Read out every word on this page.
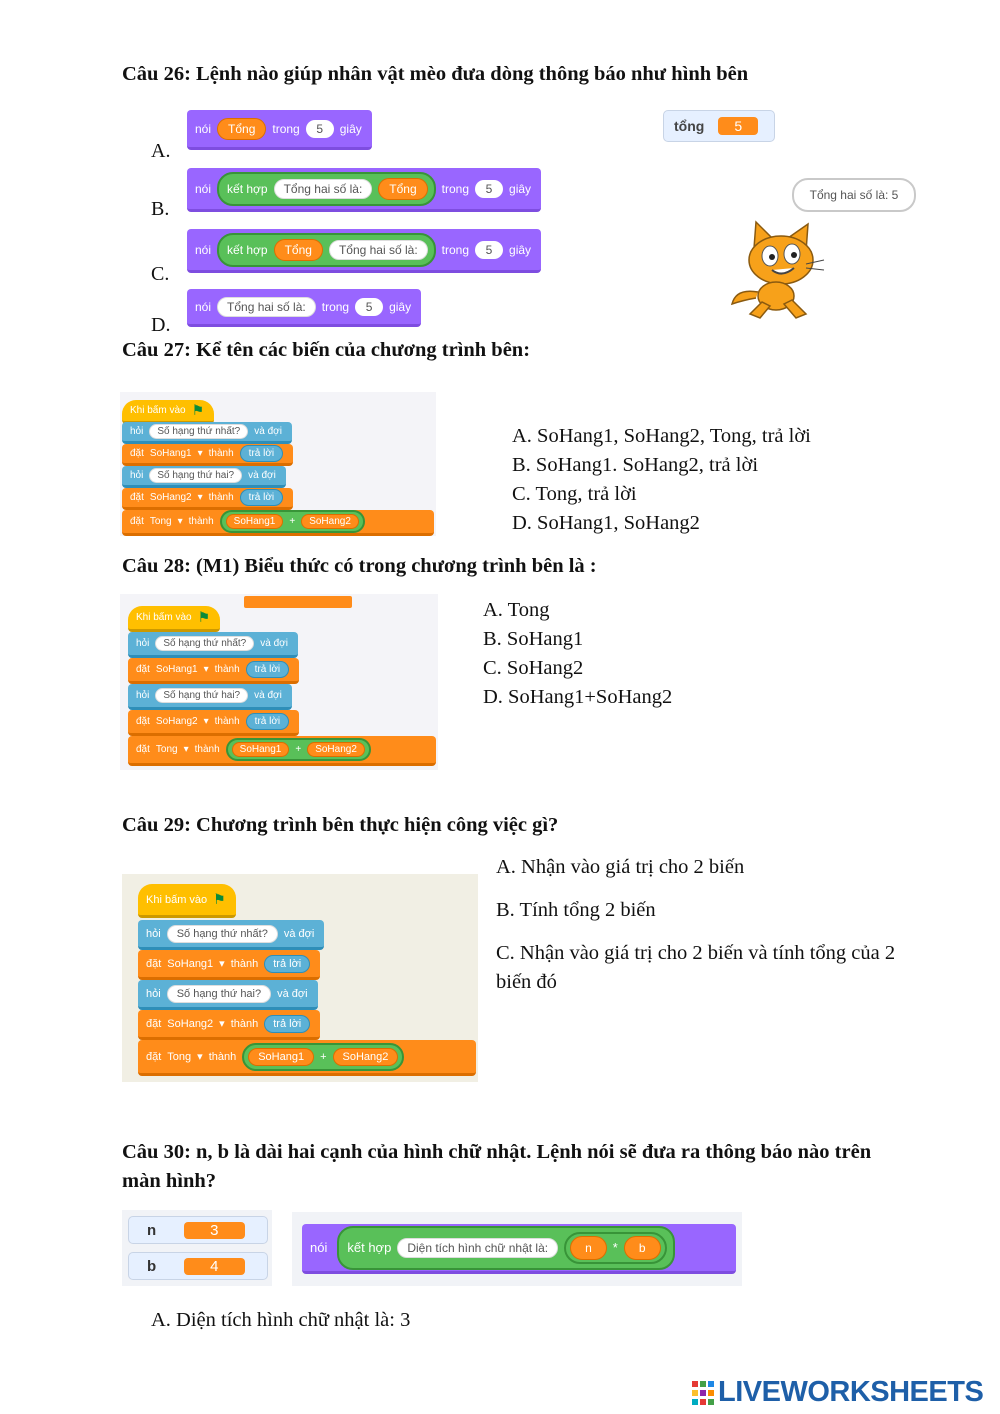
Câu 26: Lệnh nào giúp nhân vật mèo đưa dòng thông báo như hình bên
A.
B.
C.
D.
nói	Tổng	trong	5	giây
nói kết hợp	Tổng hai số là:	Tổng	trong	5	giây
nói kết hợp	Tổng	Tổng hai số là:	trong	5	giây
nói	Tổng hai số là:	trong	5	giây
tổng	5
Tổng hai số là: 5
Câu 27: Kể tên các biến của chương trình bên:
Khi bấm vào ⚑
hỏi	Số hạng thứ nhất?	và đợi
đặt SoHang1 ▾ thành	trả lời
hỏi	Số hạng thứ hai?	và đợi
đặt SoHang2 ▾ thành	trả lời
đặt Tong ▾ thành	SoHang1	+	SoHang2
A. SoHang1, SoHang2, Tong, trả lời
B. SoHang1. SoHang2, trả lời
C. Tong, trả lời
D. SoHang1, SoHang2
Câu 28: (M1) Biểu thức có trong chương trình bên là :
Khi bấm vào ⚑
hỏi	Số hạng thứ nhất?	và đợi
đặt SoHang1 ▾ thành	trả lời
hỏi	Số hạng thứ hai?	và đợi
đặt SoHang2 ▾ thành	trả lời
đặt Tong ▾ thành	SoHang1	+	SoHang2
A. Tong
B. SoHang1
C. SoHang2
D. SoHang1+SoHang2
Câu 29: Chương trình bên thực hiện công việc gì?
Khi bấm vào ⚑
hỏi	Số hạng thứ nhất?	và đợi
đặt SoHang1 ▾ thành	trả lời
hỏi	Số hạng thứ hai?	và đợi
đặt SoHang2 ▾ thành	trả lời
đặt Tong ▾ thành	SoHang1	+	SoHang2
A. Nhận vào giá trị cho 2 biến
B. Tính tổng 2 biến
C. Nhận vào giá trị cho 2 biến và tính tổng của 2 biến đó
Câu 30: n, b là dài hai cạnh của hình chữ nhật. Lệnh nói sẽ đưa ra thông báo nào trên màn hình?
n	3
b	4
nói kết hợp	Diện tích hình chữ nhật là:	n	*	b
A. Diện tích hình chữ nhật là: 3
LIVEWORKSHEETS
